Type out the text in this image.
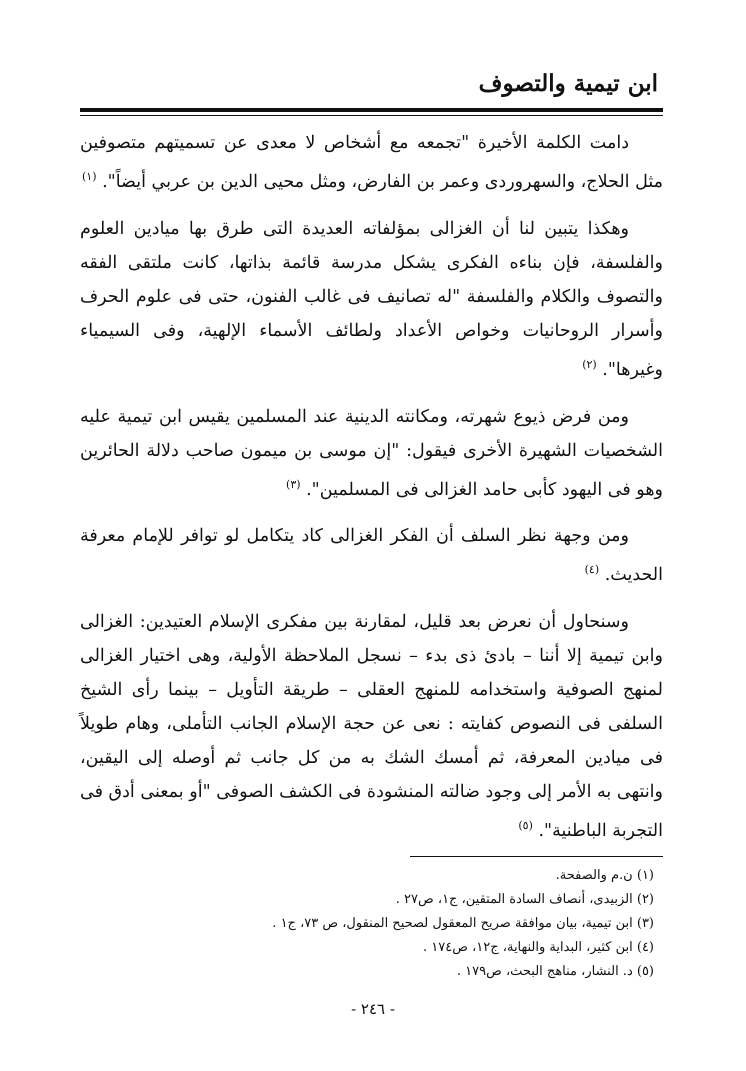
ابن تيمية والتصوف

دامت الكلمة الأخيرة "تجمعه مع أشخاص لا معدى عن تسميتهم متصوفين مثل الحلاج، والسهروردى وعمر بن الفارض، ومثل محيى الدين بن عربي أيضاً". $^{(١)}$

وهكذا يتبين لنا أن الغزالى بمؤلفاته العديدة التى طرق بها ميادين العلوم والفلسفة، فإن بناءه الفكرى يشكل مدرسة قائمة بذاتها، كانت ملتقى الفقه والتصوف والكلام والفلسفة "له تصانيف فى غالب الفنون، حتى فى علوم الحرف وأسرار الروحانيات وخواص الأعداد ولطائف الأسماء الإلهية، وفى السيمياء وغيرها". $^{(٢)}$

ومن فرض ذيوع شهرته، ومكانته الدينية عند المسلمين يقيس ابن تيمية عليه الشخصيات الشهيرة الأخرى فيقول: "إن موسى بن ميمون صاحب دلالة الحائرين وهو فى اليهود كأبى حامد الغزالى فى المسلمين". $^{(٣)}$

ومن وجهة نظر السلف أن الفكر الغزالى كاد يتكامل لو توافر للإمام معرفة الحديث. $^{(٤)}$

وسنحاول أن نعرض بعد قليل، لمقارنة بين مفكرى الإسلام العتيدين: الغزالى وابن تيمية إلا أننا – بادئ ذى بدء – نسجل الملاحظة الأولية، وهى اختيار الغزالى لمنهج الصوفية واستخدامه للمنهج العقلى – طريقة التأويل – بينما رأى الشيخ السلفى فى النصوص كفايته : نعى عن حجة الإسلام الجانب التأملى، وهام طويلاً فى ميادين المعرفة، ثم أمسك الشك به من كل جانب ثم أوصله إلى اليقين، وانتهى به الأمر إلى وجود ضالته المنشودة فى الكشف الصوفى "أو بمعنى أدق فى التجربة الباطنية". $^{(٥)}$

(١) ن.م والصفحة.
(٢) الزبيدى، أنصاف السادة المتقين، ج١، ص٢٧ .
(٣) ابن تيمية، بيان موافقة صريح المعقول لصحيح المنقول، ص ٧٣، ج١ .
(٤) ابن كثير، البداية والنهاية، ج١٢، ص١٧٤ .
(٥) د. النشار، مناهج البحث، ص١٧٩ .
- ٢٤٦ -
